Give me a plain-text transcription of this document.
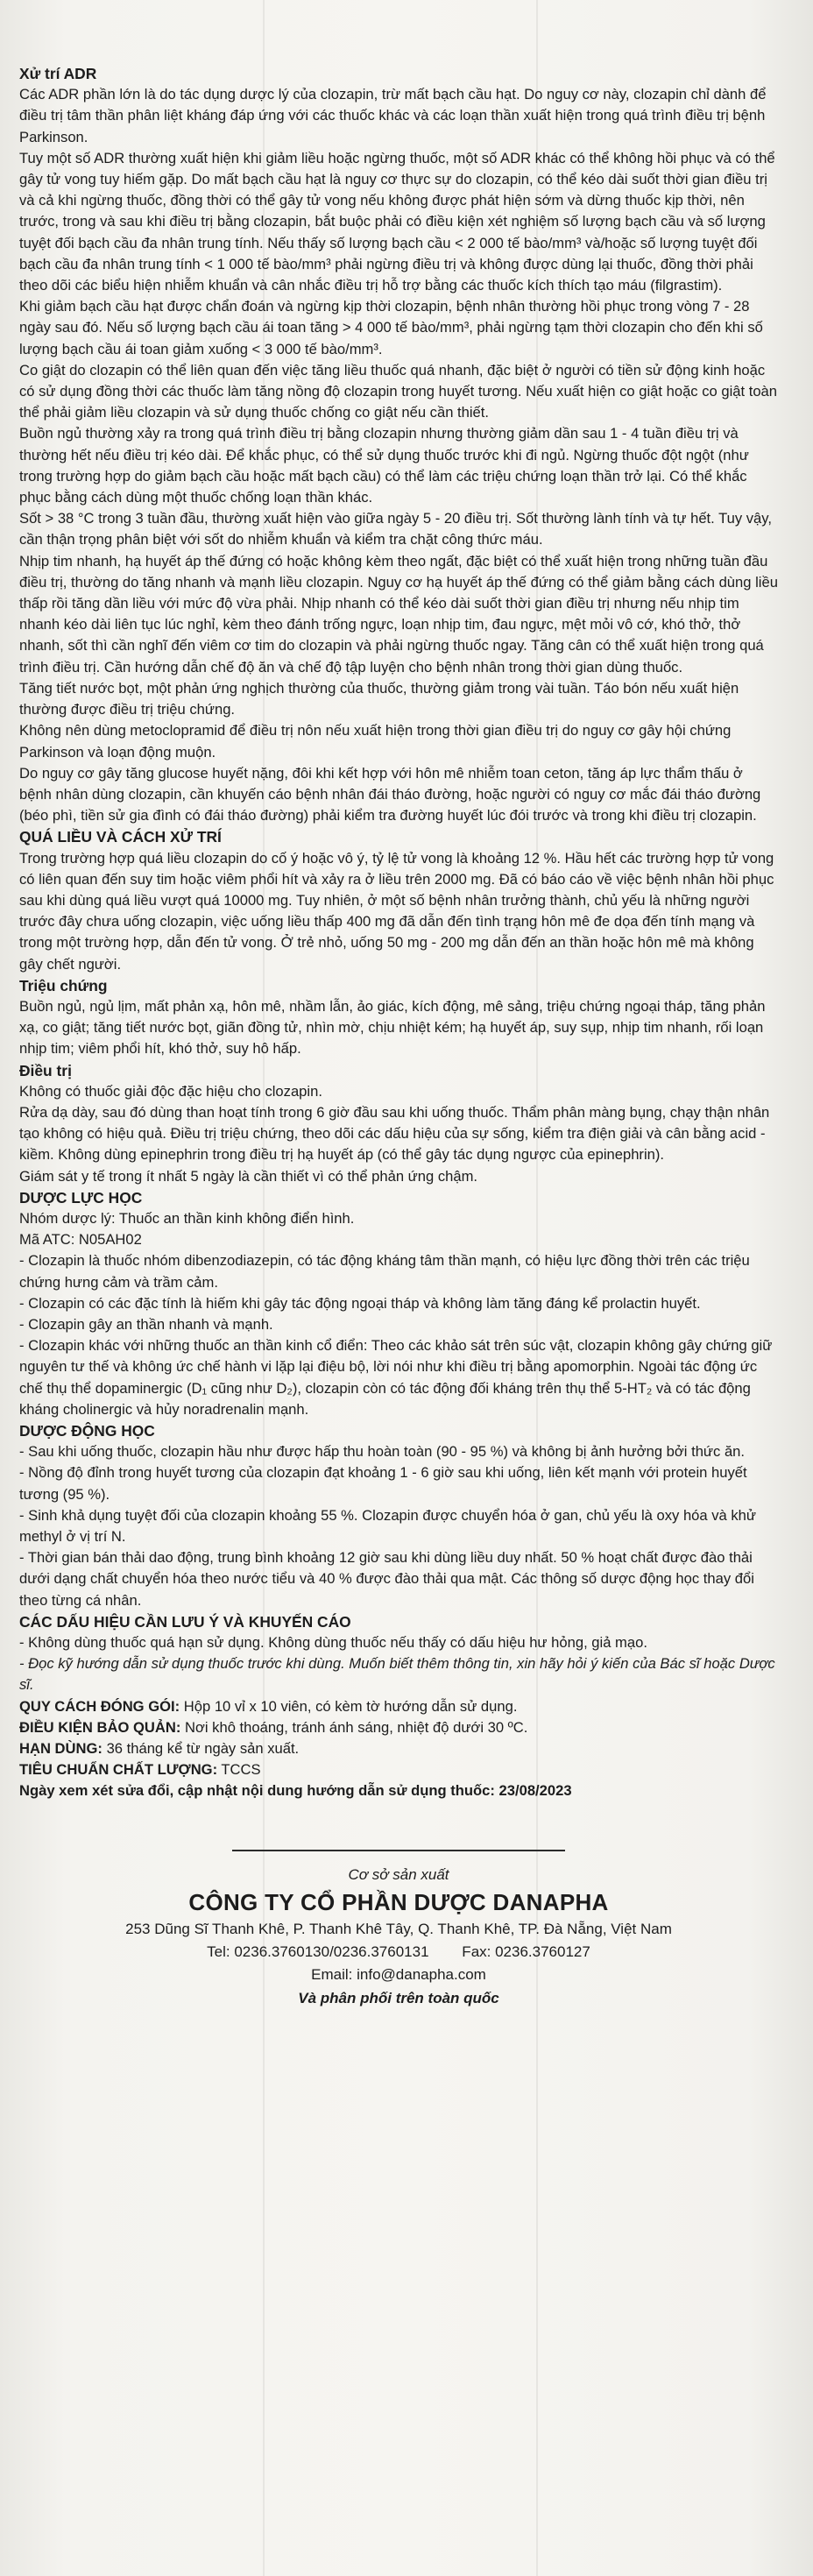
Xử trí ADR

Các ADR phần lớn là do tác dụng dược lý của clozapin, trừ mất bạch cầu hạt. Do nguy cơ này, clozapin chỉ dành để điều trị tâm thần phân liệt kháng đáp ứng với các thuốc khác và các loạn thần xuất hiện trong quá trình điều trị bệnh Parkinson.

Tuy một số ADR thường xuất hiện khi giảm liều hoặc ngừng thuốc, một số ADR khác có thể không hồi phục và có thể gây tử vong tuy hiếm gặp. Do mất bạch cầu hạt là nguy cơ thực sự do clozapin, có thể kéo dài suốt thời gian điều trị và cả khi ngừng thuốc, đồng thời có thể gây tử vong nếu không được phát hiện sớm và dừng thuốc kịp thời, nên trước, trong và sau khi điều trị bằng clozapin, bắt buộc phải có điều kiện xét nghiệm số lượng bạch cầu và số lượng tuyệt đối bạch cầu đa nhân trung tính. Nếu thấy số lượng bạch cầu < 2 000 tế bào/mm³ và/hoặc số lượng tuyệt đối bạch cầu đa nhân trung tính < 1 000 tế bào/mm³ phải ngừng điều trị và không được dùng lại thuốc, đồng thời phải theo dõi các biểu hiện nhiễm khuẩn và cân nhắc điều trị hỗ trợ bằng các thuốc kích thích tạo máu (filgrastim).

Khi giảm bạch cầu hạt được chẩn đoán và ngừng kịp thời clozapin, bệnh nhân thường hồi phục trong vòng 7 - 28 ngày sau đó. Nếu số lượng bạch cầu ái toan tăng > 4 000 tế bào/mm³, phải ngừng tạm thời clozapin cho đến khi số lượng bạch cầu ái toan giảm xuống < 3 000 tế bào/mm³.

Co giật do clozapin có thể liên quan đến việc tăng liều thuốc quá nhanh, đặc biệt ở người có tiền sử động kinh hoặc có sử dụng đồng thời các thuốc làm tăng nồng độ clozapin trong huyết tương. Nếu xuất hiện co giật hoặc co giật toàn thể phải giảm liều clozapin và sử dụng thuốc chống co giật nếu cần thiết.

Buồn ngủ thường xảy ra trong quá trình điều trị bằng clozapin nhưng thường giảm dần sau 1 - 4 tuần điều trị và thường hết nếu điều trị kéo dài. Để khắc phục, có thể sử dụng thuốc trước khi đi ngủ. Ngừng thuốc đột ngột (như trong trường hợp do giảm bạch cầu hoặc mất bạch cầu) có thể làm các triệu chứng loạn thần trở lại. Có thể khắc phục bằng cách dùng một thuốc chống loạn thần khác.

Sốt > 38 °C trong 3 tuần đầu, thường xuất hiện vào giữa ngày 5 - 20 điều trị. Sốt thường lành tính và tự hết. Tuy vậy, cần thận trọng phân biệt với sốt do nhiễm khuẩn và kiểm tra chặt công thức máu.

Nhịp tim nhanh, hạ huyết áp thế đứng có hoặc không kèm theo ngất, đặc biệt có thể xuất hiện trong những tuần đầu điều trị, thường do tăng nhanh và mạnh liều clozapin. Nguy cơ hạ huyết áp thế đứng có thể giảm bằng cách dùng liều thấp rồi tăng dần liều với mức độ vừa phải. Nhịp nhanh có thể kéo dài suốt thời gian điều trị nhưng nếu nhịp tim nhanh kéo dài liên tục lúc nghỉ, kèm theo đánh trống ngực, loạn nhịp tim, đau ngực, mệt mỏi vô cớ, khó thở, thở nhanh, sốt thì cần nghĩ đến viêm cơ tim do clozapin và phải ngừng thuốc ngay. Tăng cân có thể xuất hiện trong quá trình điều trị. Cần hướng dẫn chế độ ăn và chế độ tập luyện cho bệnh nhân trong thời gian dùng thuốc.

Tăng tiết nước bọt, một phản ứng nghịch thường của thuốc, thường giảm trong vài tuần. Táo bón nếu xuất hiện thường được điều trị triệu chứng.

Không nên dùng metoclopramid để điều trị nôn nếu xuất hiện trong thời gian điều trị do nguy cơ gây hội chứng Parkinson và loạn động muộn.

Do nguy cơ gây tăng glucose huyết nặng, đôi khi kết hợp với hôn mê nhiễm toan ceton, tăng áp lực thẩm thấu ở bệnh nhân dùng clozapin, cần khuyến cáo bệnh nhân đái tháo đường, hoặc người có nguy cơ mắc đái tháo đường (béo phì, tiền sử gia đình có đái tháo đường) phải kiểm tra đường huyết lúc đói trước và trong khi điều trị clozapin.

QUÁ LIỀU VÀ CÁCH XỬ TRÍ

Trong trường hợp quá liều clozapin do cố ý hoặc vô ý, tỷ lệ tử vong là khoảng 12 %. Hầu hết các trường hợp tử vong có liên quan đến suy tim hoặc viêm phổi hít và xảy ra ở liều trên 2000 mg. Đã có báo cáo về việc bệnh nhân hồi phục sau khi dùng quá liều vượt quá 10000 mg. Tuy nhiên, ở một số bệnh nhân trưởng thành, chủ yếu là những người trước đây chưa uống clozapin, việc uống liều thấp 400 mg đã dẫn đến tình trạng hôn mê đe dọa đến tính mạng và trong một trường hợp, dẫn đến tử vong. Ở trẻ nhỏ, uống 50 mg - 200 mg dẫn đến an thần hoặc hôn mê mà không gây chết người.

Triệu chứng

Buồn ngủ, ngủ lịm, mất phản xạ, hôn mê, nhầm lẫn, ảo giác, kích động, mê sảng, triệu chứng ngoại tháp, tăng phản xạ, co giật; tăng tiết nước bọt, giãn đồng tử, nhìn mờ, chịu nhiệt kém; hạ huyết áp, suy sụp, nhịp tim nhanh, rối loạn nhịp tim; viêm phổi hít, khó thở, suy hô hấp.

Điều trị

Không có thuốc giải độc đặc hiệu cho clozapin.

Rửa dạ dày, sau đó dùng than hoạt tính trong 6 giờ đầu sau khi uống thuốc. Thẩm phân màng bụng, chạy thận nhân tạo không có hiệu quả. Điều trị triệu chứng, theo dõi các dấu hiệu của sự sống, kiểm tra điện giải và cân bằng acid - kiềm. Không dùng epinephrin trong điều trị hạ huyết áp (có thể gây tác dụng ngược của epinephrin).

Giám sát y tế trong ít nhất 5 ngày là cần thiết vì có thể phản ứng chậm.

DƯỢC LỰC HỌC

Nhóm dược lý: Thuốc an thần kinh không điển hình.

Mã ATC: N05AH02

- Clozapin là thuốc nhóm dibenzodiazepin, có tác động kháng tâm thần mạnh, có hiệu lực đồng thời trên các triệu chứng hưng cảm và trầm cảm.

- Clozapin có các đặc tính là hiếm khi gây tác động ngoại tháp và không làm tăng đáng kể prolactin huyết.

- Clozapin gây an thần nhanh và mạnh.

- Clozapin khác với những thuốc an thần kinh cổ điển: Theo các khảo sát trên súc vật, clozapin không gây chứng giữ nguyên tư thế và không ức chế hành vi lặp lại điệu bộ, lời nói như khi điều trị bằng apomorphin. Ngoài tác động ức chế thụ thể dopaminergic (D₁ cũng như D₂), clozapin còn có tác động đối kháng trên thụ thể 5-HT₂ và có tác động kháng cholinergic và hủy noradrenalin mạnh.

DƯỢC ĐỘNG HỌC

- Sau khi uống thuốc, clozapin hầu như được hấp thu hoàn toàn (90 - 95 %) và không bị ảnh hưởng bởi thức ăn.

- Nồng độ đỉnh trong huyết tương của clozapin đạt khoảng 1 - 6 giờ sau khi uống, liên kết mạnh với protein huyết tương (95 %).

- Sinh khả dụng tuyệt đối của clozapin khoảng 55 %. Clozapin được chuyển hóa ở gan, chủ yếu là oxy hóa và khử methyl ở vị trí N.

- Thời gian bán thải dao động, trung bình khoảng 12 giờ sau khi dùng liều duy nhất. 50 % hoạt chất được đào thải dưới dạng chất chuyển hóa theo nước tiểu và 40 % được đào thải qua mật. Các thông số dược động học thay đổi theo từng cá nhân.

CÁC DẤU HIỆU CẦN LƯU Ý VÀ KHUYẾN CÁO

- Không dùng thuốc quá hạn sử dụng. Không dùng thuốc nếu thấy có dấu hiệu hư hỏng, giả mạo.

- Đọc kỹ hướng dẫn sử dụng thuốc trước khi dùng. Muốn biết thêm thông tin, xin hãy hỏi ý kiến của Bác sĩ hoặc Dược sĩ.

QUY CÁCH ĐÓNG GÓI: Hộp 10 vỉ x 10 viên, có kèm tờ hướng dẫn sử dụng.

ĐIỀU KIỆN BẢO QUẢN: Nơi khô thoáng, tránh ánh sáng, nhiệt độ dưới 30 ºC.

HẠN DÙNG: 36 tháng kể từ ngày sản xuất.

TIÊU CHUẨN CHẤT LƯỢNG: TCCS

Ngày xem xét sửa đổi, cập nhật nội dung hướng dẫn sử dụng thuốc: 23/08/2023

Cơ sở sản xuất
CÔNG TY CỔ PHẦN DƯỢC DANAPHA
253 Dũng Sĩ Thanh Khê, P. Thanh Khê Tây, Q. Thanh Khê, TP. Đà Nẵng, Việt Nam
Tel: 0236.3760130/0236.3760131        Fax: 0236.3760127
Email: info@danapha.com
Và phân phối trên toàn quốc
